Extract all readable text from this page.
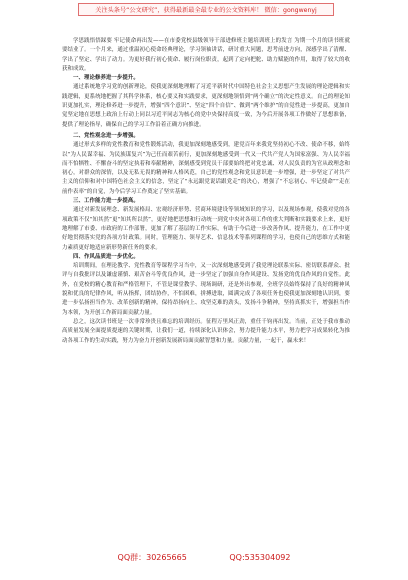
关注头条号“公文研究”，获得最新最全最专业的公文资料库！ 微信：gongwenyj

学思践悟悟踩要 牢记使命再出发——在市委党校县级领导干部进修班主题培训班上的发言 为期一个月的读书班就要结业了。一个月来，通过重温初心使命经典理论，学习领袖讲话，研讨重大问题，思考前进方向，深感学出了清醒、学出了坚定、学出了动力。为更好我行初心使命、履行岗位职责，起到了定向把舵、助力赋能的作用，取得了较大的收获和成效。

一、理论修养进一步提升。

通过系统地学习党的创新理论，使我更深刻地理解了习近平新时代中国特色社会主义思想产生发展的理论逻辑和实践逻辑，更系统地把握了其科学体系，核心要义和实践要求，更深刻地领悟到“两个确立”的决定性意义。自己的理论知识更加扎实，理论修养进一步提升，增强“四个意识”、坚定“四个自信”、做到“两个维护”的自觉性进一步提高，更加自觉坚定地在思想上政治上行动上同以习近平同志为核心的党中央保持高度一致，为今后开展各项工作做好了思想准备，提供了理论指导，确保自己的学习工作沿着正确方向推进。

二、党性观念进一步增强。

通过形式多样的党性教育和党性锻炼活动，我更加深刻地感受到，建党百年来我党坚持初心不改、使命不移，始终以“为人民谋幸福、为民族谋复兴”为己任而艰苦前行，更加深刻地感受到一代又一代共产党人为国家富强、为人民幸福而不怕牺牲、不懈奋斗的坚定执着和奉献精神，深刻感受到党员干部要始终把对党忠诚、对人民负责的为官从政理念和初心，对群众的深情，以及无私无畏的精神和人格风范，自己的党性观念和党员意识进一步增强，进一步坚定了对共产主义的信仰和对中国特色社会主义的信念，坚定了“永远跟党说话跟党走”的决心，增强了“不忘初心、牢记使命”“走在前作表率”的自觉，为今后学习工作奠定了坚实基础。

三、工作能力进一步提高。

通过对新发展理念、新发展格局、宏观经济形势、营商环境建设等领域知识的学习，以及现场参观，使我对党的各项政策不仅“知其然”更“知其所以然”，更好地把思想和行动统一到党中央对各项工作的重大判断和实践要求上来，更好地理解了市委、市政府的工作部署，更加了解了基层的工作实际，有助于今后进一步改善作风、提升能力，在工作中更好地贯彻落实党的各项方针政策。同时，管理能力、领导艺术、信息技术等系列课程的学习，也使自己的思维方式和能力素质更好地适应新形势新任务的要求。

四、作风品质进一步优化。

培训期间，在理论教学、党性教育等课程学习当中，又一次深刻地感受到了我党理论联系实际、密切联系群众、批评与自我批评以及谦虚谨慎、艰苦奋斗等优良作风，进一步坚定了加强自身作风建设、发扬党的优良作风的自觉性。此外，在党校的精心教育和严格管理下，不管是课堂教学、现场调研，还是外出参观，全班学员始终保持了良好的精神风貌和优良的纪律作风，听从指挥，团结协作，不怕困难，拼搏进取，圆满完成了各项任务也使我更加深刻地认识到，要进一步弘扬担当作为、改革创新的精神，保持昂扬向上、攻坚克难的劲头，发扬斗争精神，坚持真抓实干，增强担当作为本领，为开创工作新局面贡献力量。

总之，这次读书班是一次非常珍贵且难忘的培训经历。征程万里风正劲，重任千钧再出发。当前，正处于我市推动高质量发展全面提质提速的关键时期，让我们一道，持续深化认识体会，努力提升能力水平，努力把学习成果转化为推动各项工作的生动实践，努力为奋力开创新发展新局面贡献智慧和力量。贡献力量，一起干，赢未来！

QQ群：30265665	QQ:535304092
